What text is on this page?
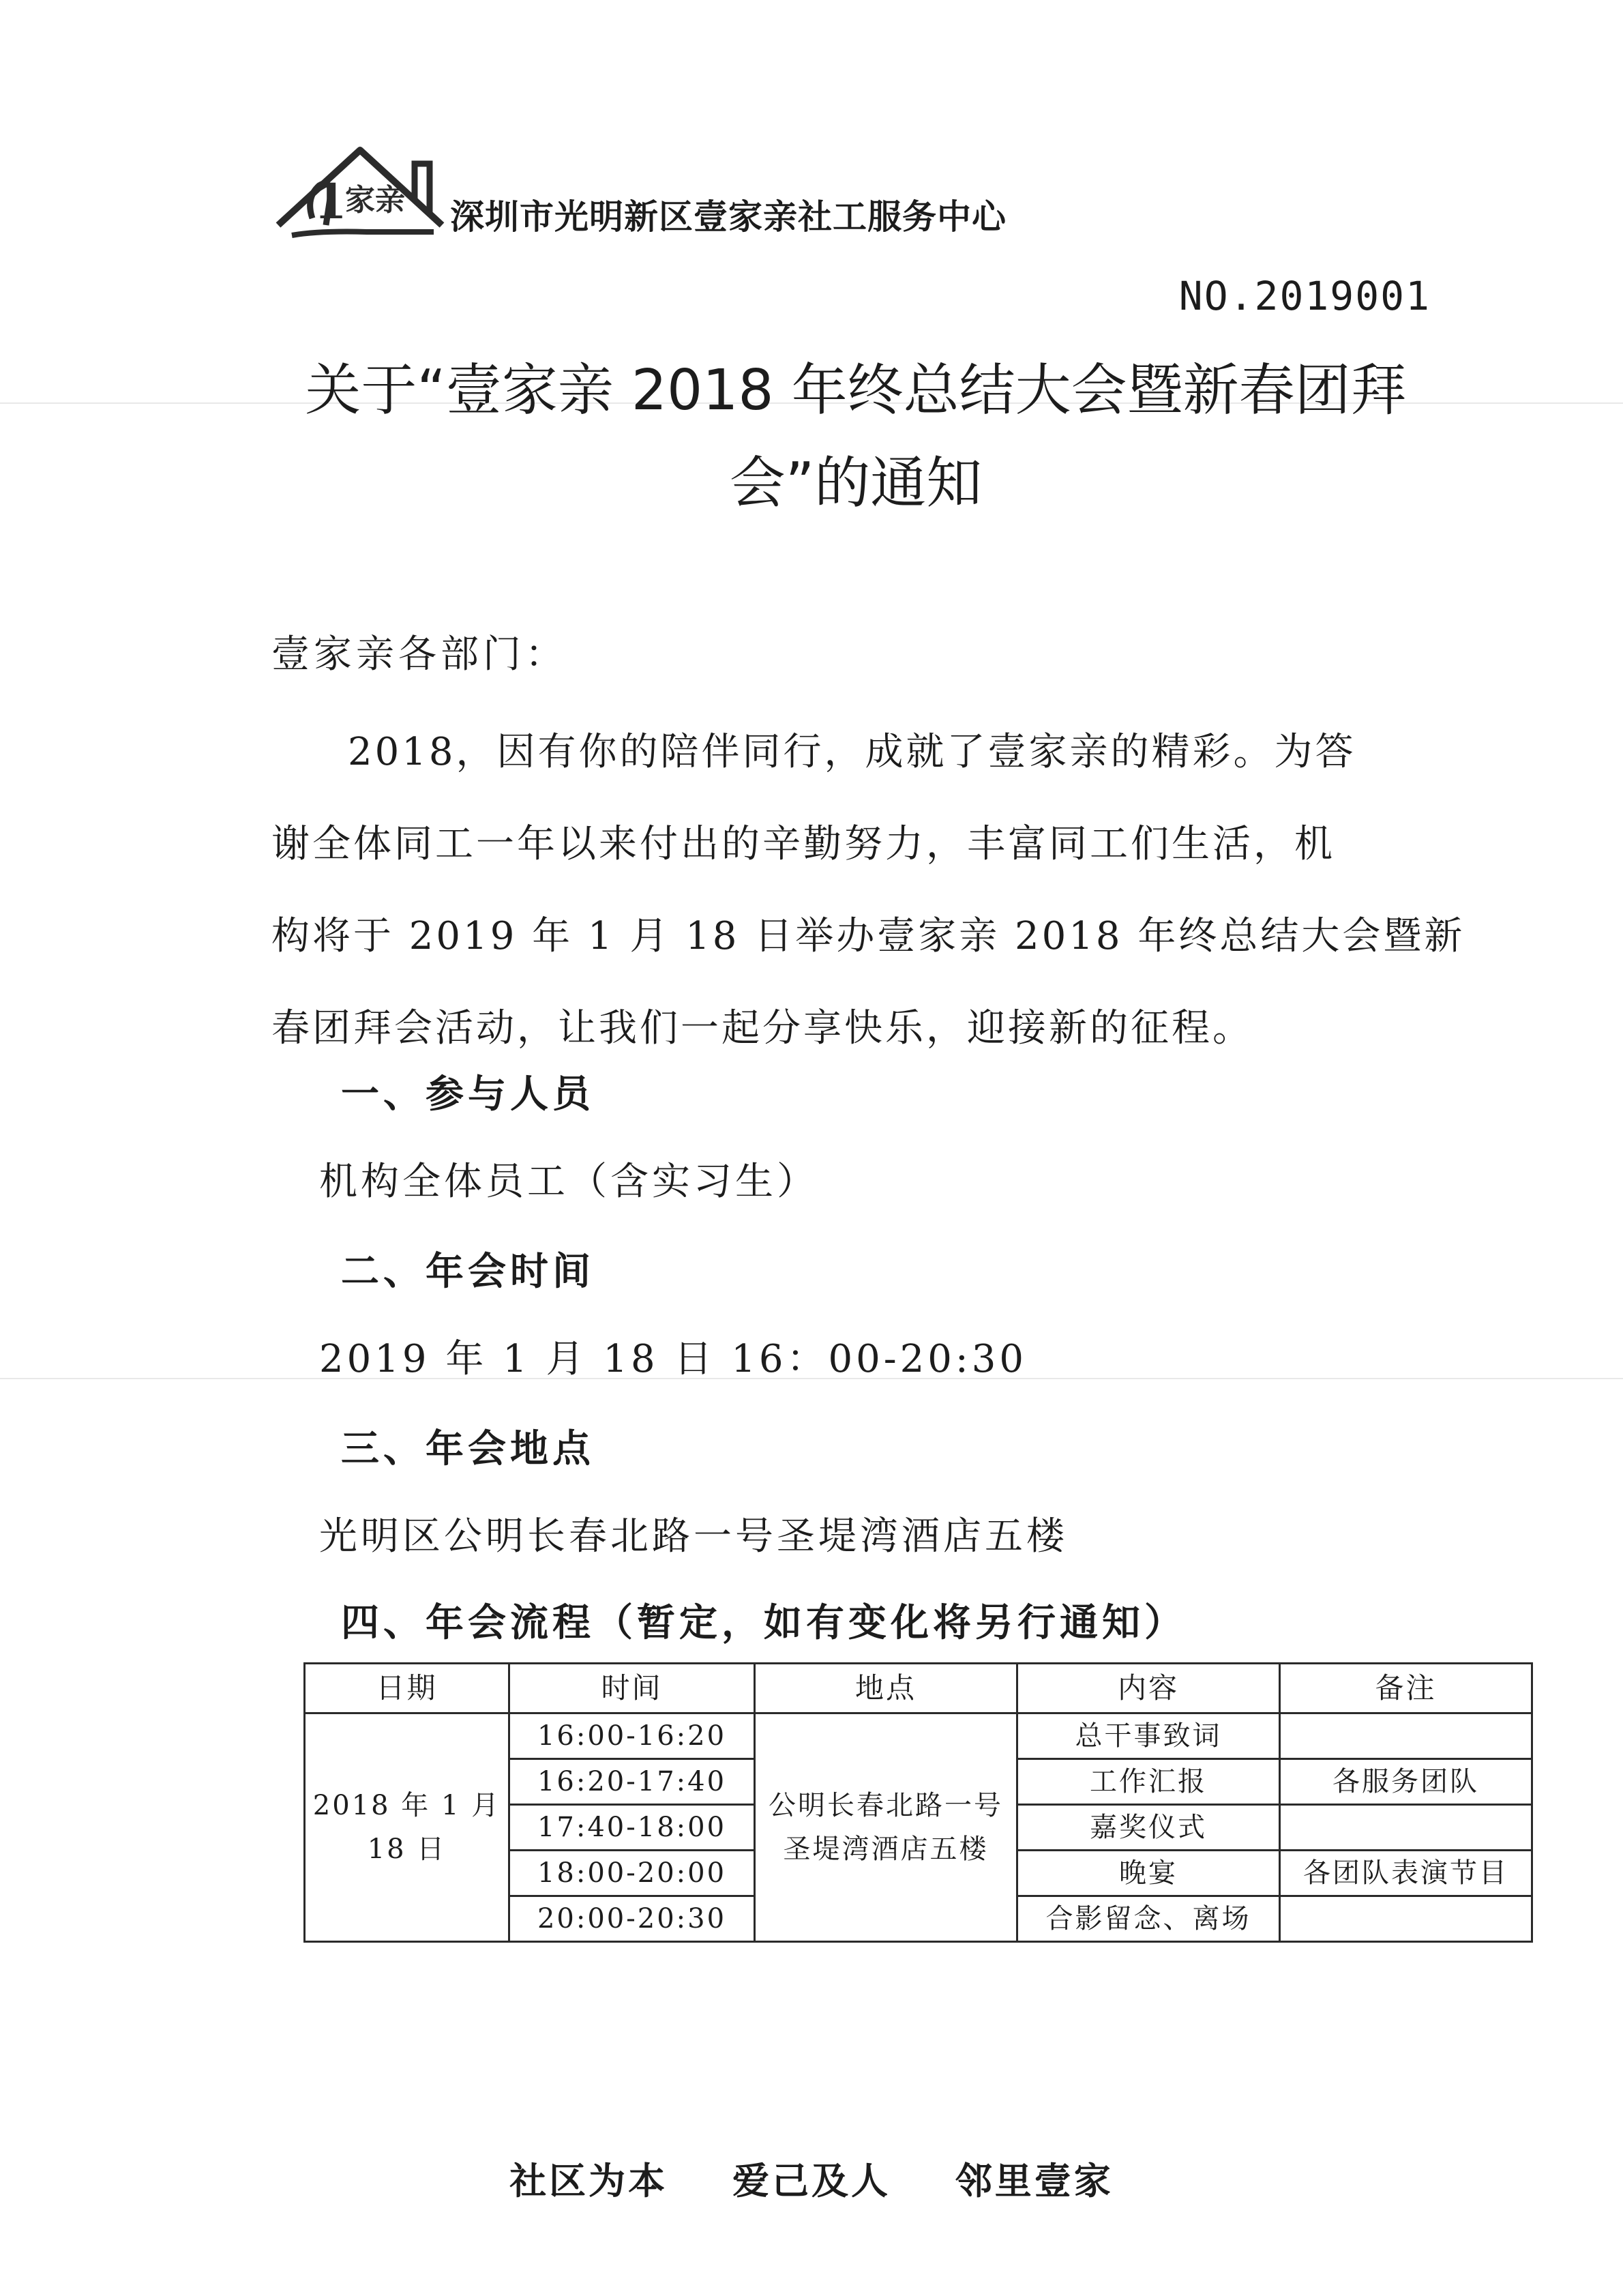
1
家亲 深圳市光明新区壹家亲社工服务中心
NO.2019001
关于“壹家亲 2018 年终总结大会暨新春团拜
会”的通知
壹家亲各部门：
2018，因有你的陪伴同行，成就了壹家亲的精彩。为答
谢全体同工一年以来付出的辛勤努力，丰富同工们生活，机
构将于 2019 年 1 月 18 日举办壹家亲 2018 年终总结大会暨新
春团拜会活动，让我们一起分享快乐，迎接新的征程。
一、参与人员
机构全体员工（含实习生）
二、年会时间
2019 年 1 月 18 日 16：00-20:30
三、年会地点
光明区公明长春北路一号圣堤湾酒店五楼
四、年会流程（暂定，如有变化将另行通知）
日期	时间	地点	内容	备注
2018 年 1 月 18 日	16:00-16:20	公明长春北路一号圣堤湾酒店五楼	总干事致词	
	16:20-17:40		工作汇报	各服务团队
	17:40-18:00		嘉奖仪式	
	18:00-20:00		晚宴	各团队表演节目
	20:00-20:30		合影留念、离场	
社区为本 爱己及人 邻里壹家
